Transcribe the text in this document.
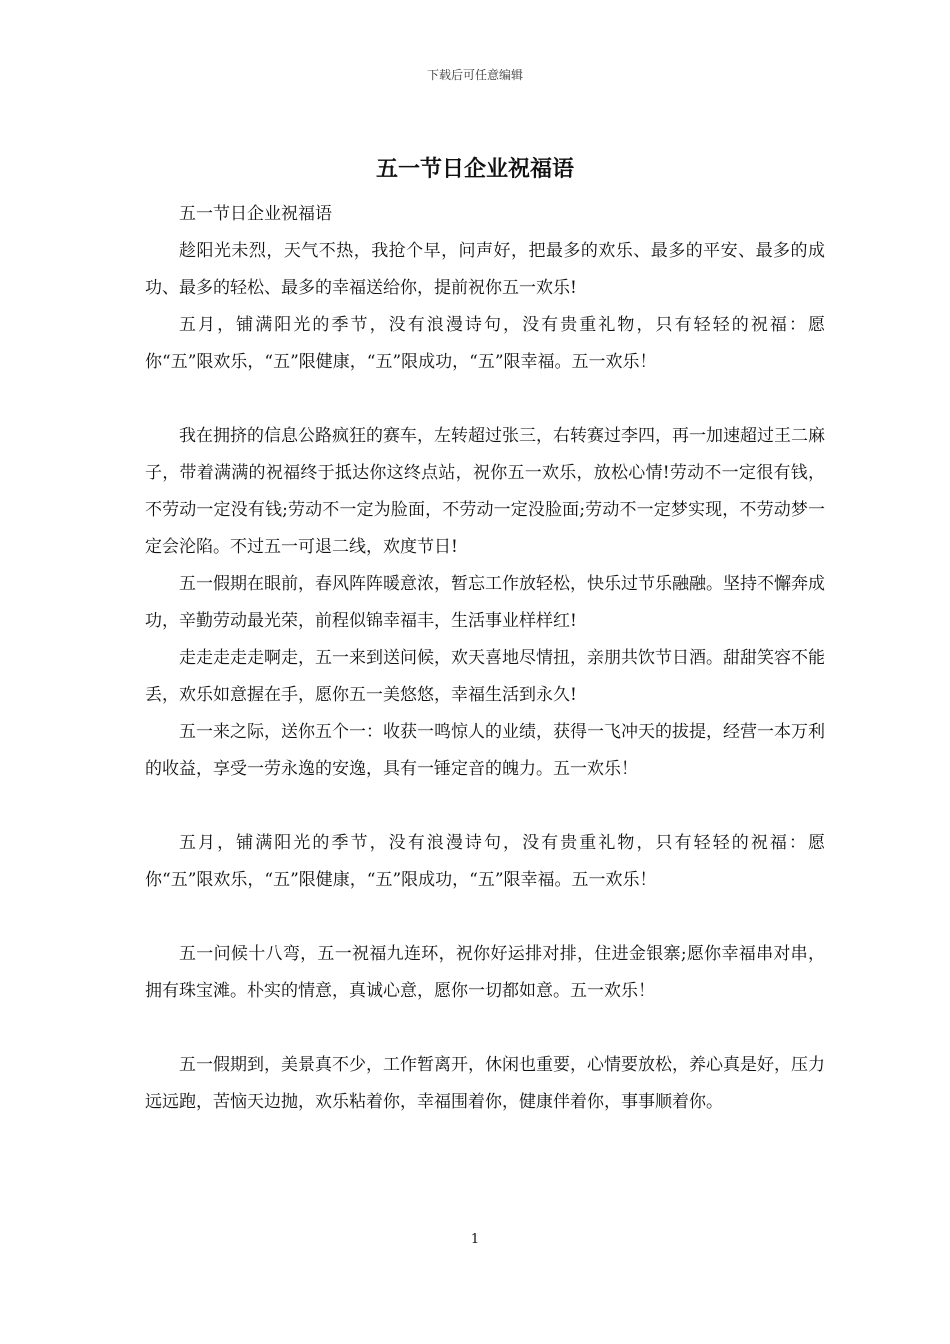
下载后可任意编辑
五一节日企业祝福语

五一节日企业祝福语

趁阳光未烈，天气不热，我抢个早，问声好，把最多的欢乐、最多的平安、最多的成功、最多的轻松、最多的幸福送给你，提前祝你五一欢乐!

五月，铺满阳光的季节，没有浪漫诗句，没有贵重礼物，只有轻轻的祝福：愿你“五”限欢乐，“五”限健康，“五”限成功，“五”限幸福。五一欢乐！

我在拥挤的信息公路疯狂的赛车，左转超过张三，右转赛过李四，再一加速超过王二麻子，带着满满的祝福终于抵达你这终点站，祝你五一欢乐，放松心情!劳动不一定很有钱，不劳动一定没有钱;劳动不一定为脸面，不劳动一定没脸面;劳动不一定梦实现，不劳动梦一定会沦陷。不过五一可退二线，欢度节日!

五一假期在眼前，春风阵阵暖意浓，暂忘工作放轻松，快乐过节乐融融。坚持不懈奔成功，辛勤劳动最光荣，前程似锦幸福丰，生活事业样样红!

走走走走走啊走，五一来到送问候，欢天喜地尽情扭，亲朋共饮节日酒。甜甜笑容不能丢，欢乐如意握在手，愿你五一美悠悠，幸福生活到永久!

五一来之际，送你五个一：收获一鸣惊人的业绩，获得一飞冲天的拔提，经营一本万利的收益，享受一劳永逸的安逸，具有一锤定音的魄力。五一欢乐！

五月，铺满阳光的季节，没有浪漫诗句，没有贵重礼物，只有轻轻的祝福：愿你“五”限欢乐，“五”限健康，“五”限成功，“五”限幸福。五一欢乐！

五一问候十八弯，五一祝福九连环，祝你好运排对排，住进金银寨;愿你幸福串对串，拥有珠宝滩。朴实的情意，真诚心意，愿你一切都如意。五一欢乐！

五一假期到，美景真不少，工作暂离开，休闲也重要，心情要放松，养心真是好，压力远远跑，苦恼天边抛，欢乐粘着你，幸福围着你，健康伴着你，事事顺着你。

1
